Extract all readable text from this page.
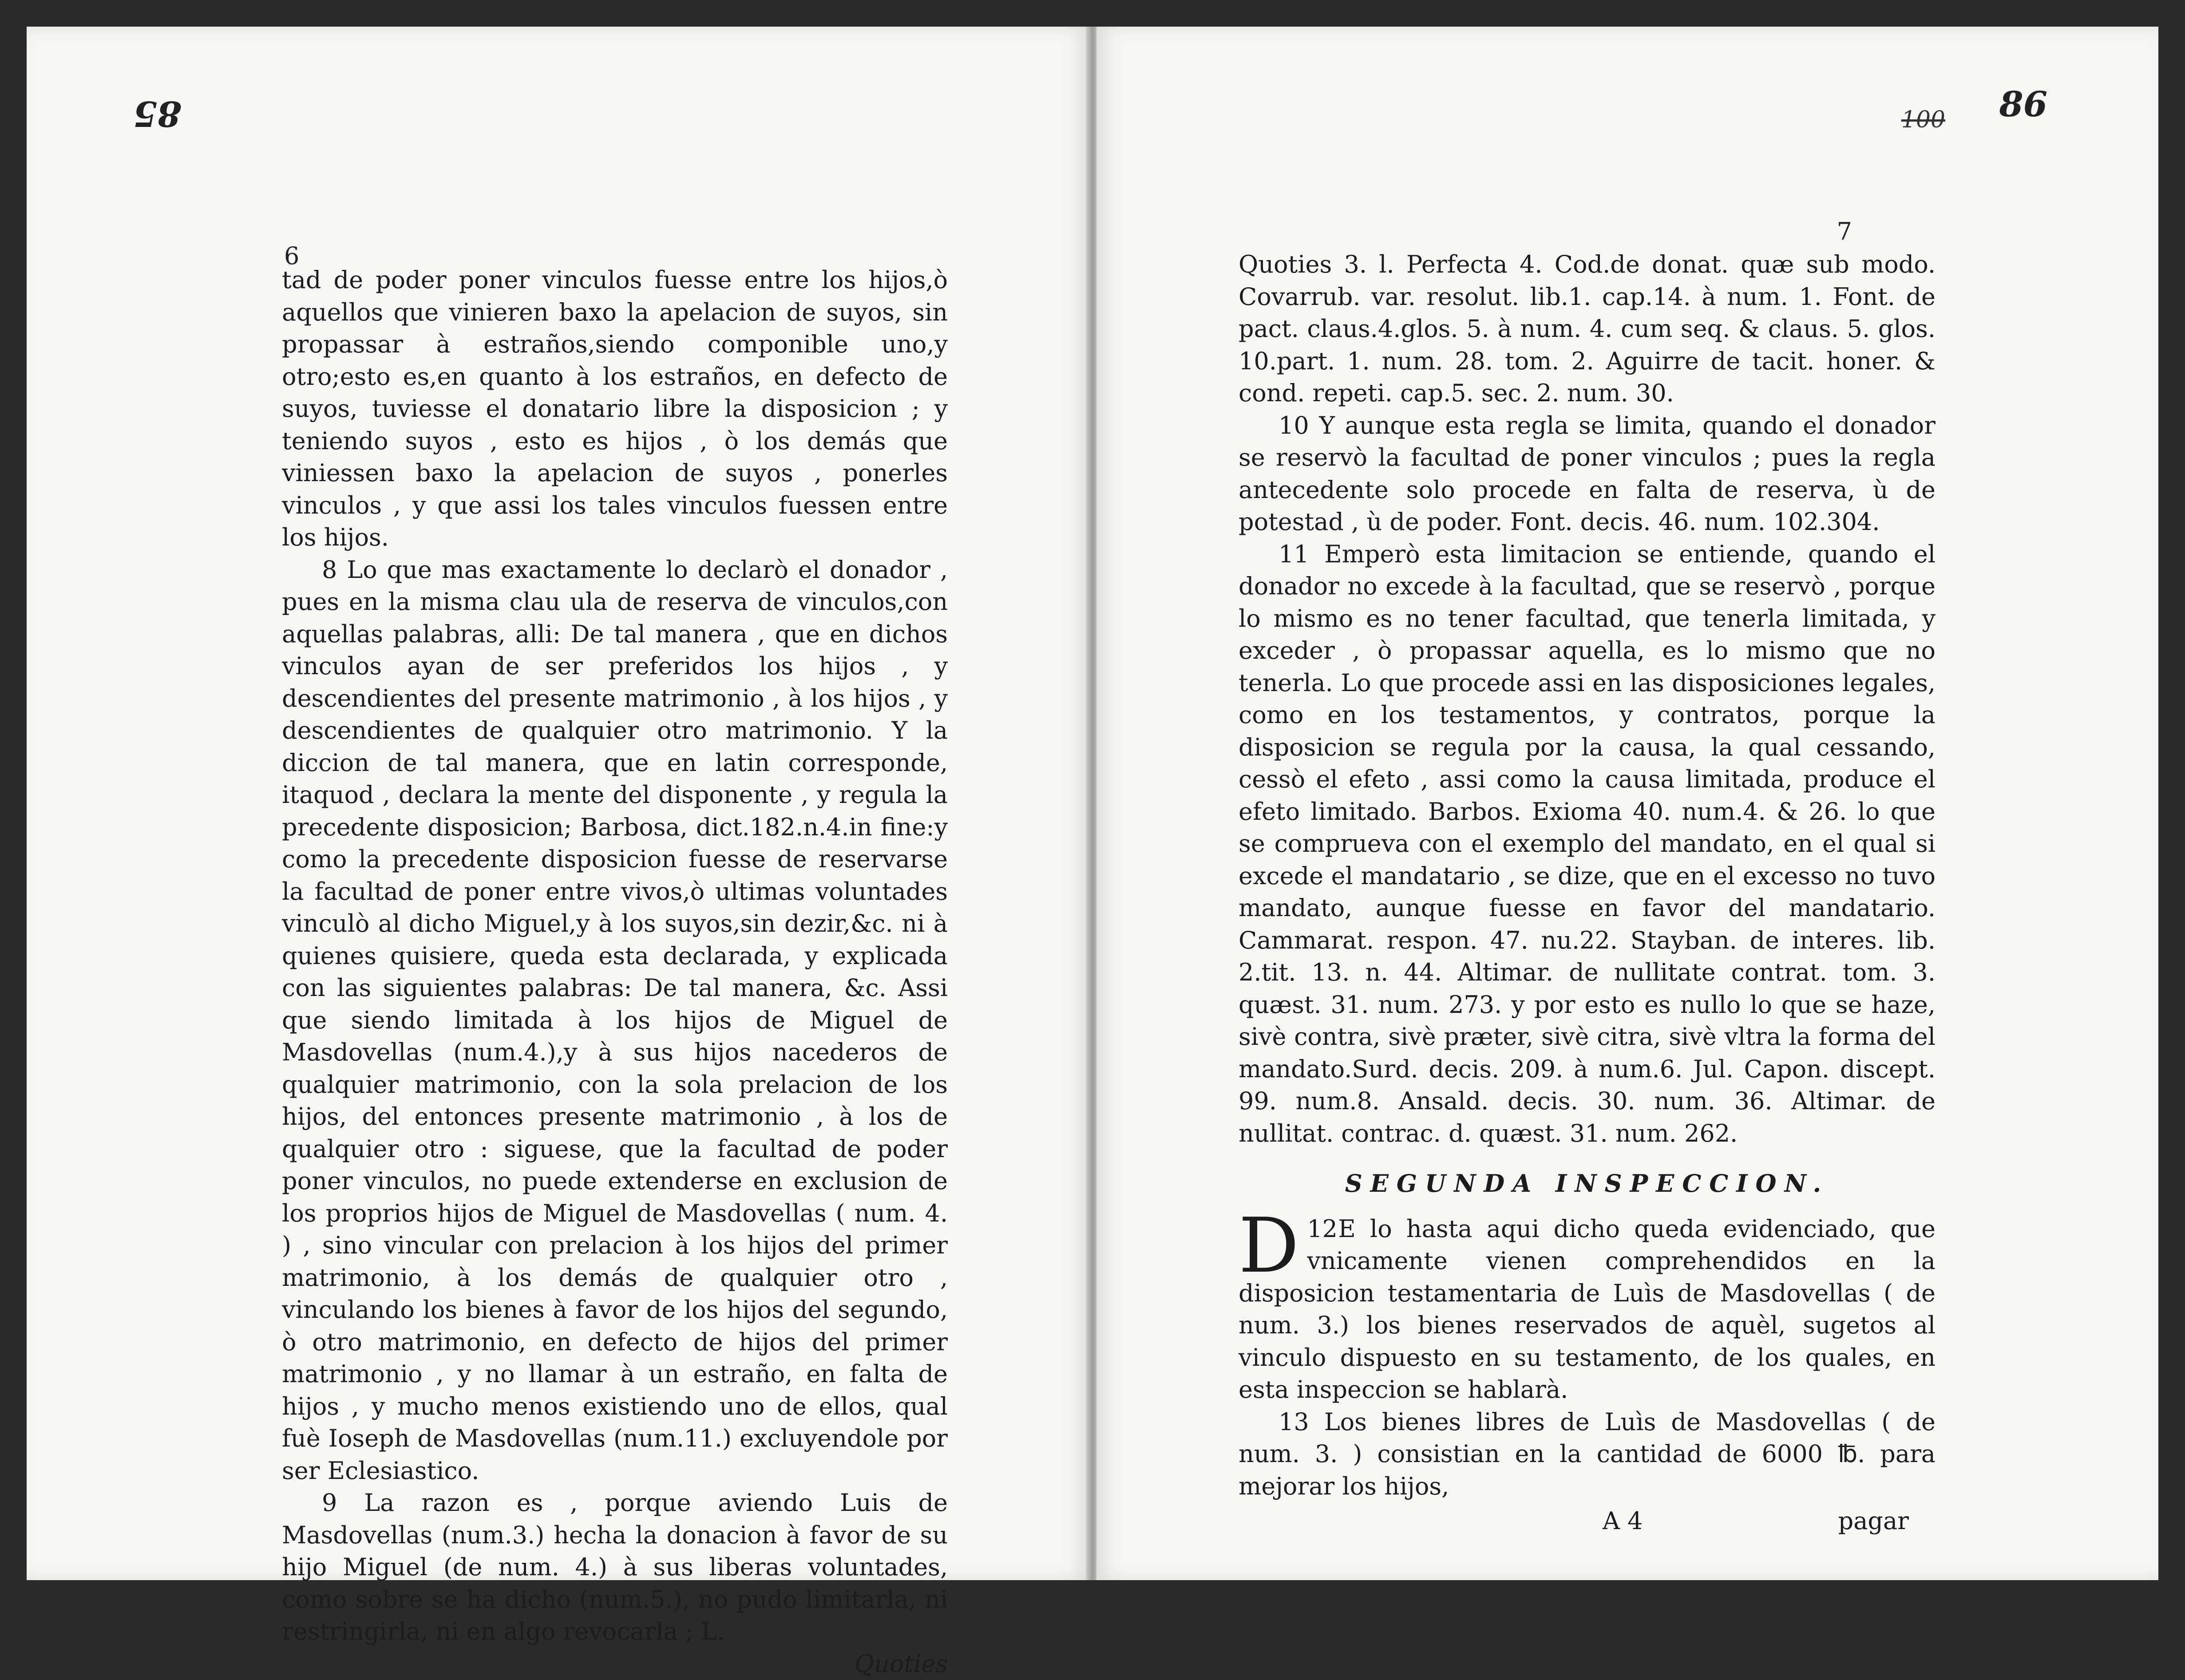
85
6

tad de poder poner vinculos fuesse entre los hijos,ò aquellos que vinieren baxo la apelacion de suyos, sin propassar à estraños,siendo componible uno,y otro;esto es,en quanto à los estraños, en defecto de suyos, tuviesse el donatario libre la disposicion ; y teniendo suyos , esto es hijos , ò los demás que viniessen baxo la apelacion de suyos , ponerles vinculos , y que assi los tales vinculos fuessen entre los hijos.

8 Lo que mas exactamente lo declarò el donador , pues en la misma clau ula de reserva de vinculos,con aquellas palabras, alli: De tal manera , que en dichos vinculos ayan de ser preferidos los hijos , y descendientes del presente matrimonio , à los hijos , y descendientes de qualquier otro matrimonio. Y la diccion de tal manera, que en latin corresponde, itaquod , declara la mente del disponente , y regula la precedente disposicion; Barbosa, dict.182.n.4.in fine:y como la precedente disposicion fuesse de reservarse la facultad de poner entre vivos,ò ultimas voluntades vinculò al dicho Miguel,y à los suyos,sin dezir,&c. ni à quienes quisiere, queda esta declarada, y explicada con las siguientes palabras: De tal manera, &c. Assi que siendo limitada à los hijos de Miguel de Masdovellas (num.4.),y à sus hijos nacederos de qualquier matrimonio, con la sola prelacion de los hijos, del entonces presente matrimonio , à los de qualquier otro : siguese, que la facultad de poder poner vinculos, no puede extenderse en exclusion de los proprios hijos de Miguel de Masdovellas ( num. 4. ) , sino vincular con prelacion à los hijos del primer matrimonio, à los demás de qualquier otro , vinculando los bienes à favor de los hijos del segundo, ò otro matrimonio, en defecto de hijos del primer matrimonio , y no llamar à un estraño, en falta de hijos , y mucho menos existiendo uno de ellos, qual fuè Ioseph de Masdovellas (num.11.) excluyendole por ser Eclesiastico.

9 La razon es , porque aviendo Luis de Masdovellas (num.3.) hecha la donacion à favor de su hijo Miguel (de num. 4.) à sus liberas voluntades, como sobre se ha dicho (num.5.), no pudo limitarla, ni restringirla, ni en algo revocarla ; L.

Quoties

100 86
7

Quoties 3. l. Perfecta 4. Cod.de donat. quæ sub modo. Covarrub. var. resolut. lib.1. cap.14. à num. 1. Font. de pact. claus.4.glos. 5. à num. 4. cum seq. & claus. 5. glos. 10.part. 1. num. 28. tom. 2. Aguirre de tacit. honer. & cond. repeti. cap.5. sec. 2. num. 30.

10 Y aunque esta regla se limita, quando el donador se reservò la facultad de poner vinculos ; pues la regla antecedente solo procede en falta de reserva, ù de potestad , ù de poder. Font. decis. 46. num. 102.304.

11 Emperò esta limitacion se entiende, quando el donador no excede à la facultad, que se reservò , porque lo mismo es no tener facultad, que tenerla limitada, y exceder , ò propassar aquella, es lo mismo que no tenerla. Lo que procede assi en las disposiciones legales, como en los testamentos, y contratos, porque la disposicion se regula por la causa, la qual cessando, cessò el efeto , assi como la causa limitada, produce el efeto limitado. Barbos. Exioma 40. num.4. & 26. lo que se comprueva con el exemplo del mandato, en el qual si excede el mandatario , se dize, que en el excesso no tuvo mandato, aunque fuesse en favor del mandatario. Cammarat. respon. 47. nu.22. Stayban. de interes. lib. 2.tit. 13. n. 44. Altimar. de nullitate contrat. tom. 3. quæst. 31. num. 273. y por esto es nullo lo que se haze, sivè contra, sivè præter, sivè citra, sivè vltra la forma del mandato.Surd. decis. 209. à num.6. Jul. Capon. discept. 99. num.8. Ansald. decis. 30. num. 36. Altimar. de nullitat. contrac. d. quæst. 31. num. 262.

SEGUNDA INSPECCION.

12
D E lo hasta aqui dicho queda evidenciado, que vnicamente vienen comprehendidos en la disposicion testamentaria de Luìs de Masdovellas ( de num. 3.) los bienes reservados de aquèl, sugetos al vinculo dispuesto en su testamento, de los quales, en esta inspeccion se hablarà.

13 Los bienes libres de Luìs de Masdovellas ( de num. 3. ) consistian en la cantidad de 6000 ℔. para mejorar los hijos,

A 4	pagar
